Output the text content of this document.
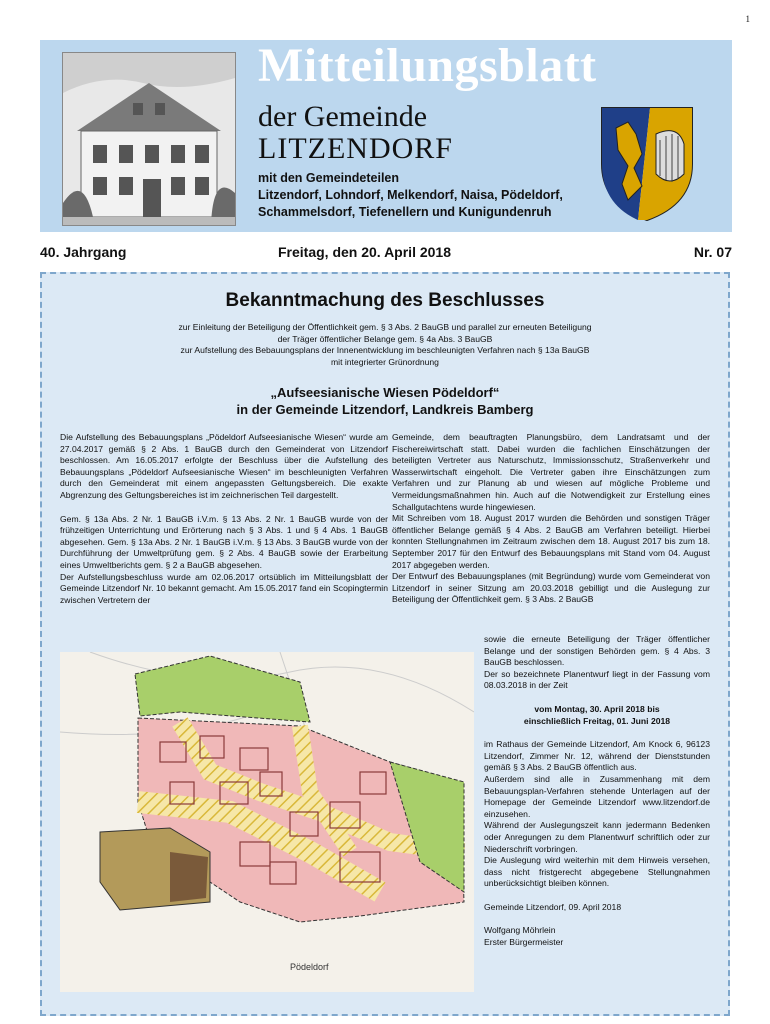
1
Mitteilungsblatt
der Gemeinde
LITZENDORF
mit den Gemeindeteilen
Litzendorf, Lohndorf, Melkendorf, Naisa, Pödeldorf,
Schammelsdorf, Tiefenellern und Kunigundenruh
40. Jahrgang	Freitag, den 20. April 2018	Nr. 07
Bekanntmachung des Beschlusses
zur Einleitung der Beteiligung der Öffentlichkeit gem. § 3 Abs. 2 BauGB und parallel zur erneuten Beteiligung
der Träger öffentlicher Belange gem. § 4a Abs. 3 BauGB
zur Aufstellung des Bebauungsplans der Innenentwicklung im beschleunigten Verfahren nach § 13a BauGB
mit integrierter Grünordnung
„Aufseesianische Wiesen Pödeldorf“
in der Gemeinde Litzendorf, Landkreis Bamberg

Die Aufstellung des Bebauungsplans „Pödeldorf Aufseesianische Wiesen“ wurde am 27.04.2017 gemäß § 2 Abs. 1 BauGB durch den Gemeinderat von Litzendorf beschlossen. Am 16.05.2017 erfolgte der Beschluss über die Aufstellung des Bebauungsplans „Pödeldorf Aufseesianische Wiesen“ im beschleunigten Verfahren durch den Gemeinderat mit einem angepassten Geltungsbereich. Die exakte Abgrenzung des Geltungsbereiches ist im zeichnerischen Teil dargestellt.

Gem. § 13a Abs. 2 Nr. 1 BauGB i.V.m. § 13 Abs. 2 Nr. 1 BauGB wurde von der frühzeitigen Unterrichtung und Erörterung nach § 3 Abs. 1 und § 4 Abs. 1 BauGB abgesehen. Gem. § 13a Abs. 2 Nr. 1 BauGB i.V.m. § 13 Abs. 3 BauGB wurde von der Durchführung der Umweltprüfung gem. § 2 Abs. 4 BauGB sowie der Erarbeitung eines Umweltberichts gem. § 2 a BauGB abgesehen.

Der Aufstellungsbeschluss wurde am 02.06.2017 ortsüblich im Mitteilungsblatt der Gemeinde Litzendorf Nr. 10 bekannt gemacht. Am 15.05.2017 fand ein Scopingtermin zwischen Vertretern der

Gemeinde, dem beauftragten Planungsbüro, dem Landratsamt und der Fischereiwirtschaft statt. Dabei wurden die fachlichen Einschätzungen der beteiligten Vertreter aus Naturschutz, Immissionsschutz, Straßenverkehr und Wasserwirtschaft eingeholt. Die Vertreter gaben ihre Einschätzungen zum Verfahren und zur Planung ab und wiesen auf mögliche Probleme und Vermeidungsmaßnahmen hin. Auch auf die Notwendigkeit zur Erstellung eines Schallgutachtens wurde hingewiesen.

Mit Schreiben vom 18. August 2017 wurden die Behörden und sonstigen Träger öffentlicher Belange gemäß § 4 Abs. 2 BauGB am Verfahren beteiligt. Hierbei konnten Stellungnahmen im Zeitraum zwischen dem 18. August 2017 bis zum 18. September 2017 für den Entwurf des Bebauungsplans mit Stand vom 04. August 2017 abgegeben werden.

Der Entwurf des Bebauungsplanes (mit Begründung) wurde vom Gemeinderat von Litzendorf in seiner Sitzung am 20.03.2018 gebilligt und die Auslegung zur Beteiligung der Öffentlichkeit gem. § 3 Abs. 2 BauGB

sowie die erneute Beteiligung der Träger öffentlicher Belange und der sonstigen Behörden gem. § 4 Abs. 3 BauGB beschlossen.

Der so bezeichnete Planentwurf liegt in der Fassung vom 08.03.2018 in der Zeit

vom Montag, 30. April 2018 bis

einschließlich Freitag, 01. Juni 2018

im Rathaus der Gemeinde Litzendorf, Am Knock 6, 96123 Litzendorf, Zimmer Nr. 12, während der Dienststunden gemäß § 3 Abs. 2 BauGB öffentlich aus.

Außerdem sind alle in Zusammenhang mit dem Bebauungsplan-Verfahren stehende Unterlagen auf der Homepage der Gemeinde Litzendorf www.litzendorf.de einzusehen.

Während der Auslegungszeit kann jedermann Bedenken oder Anregungen zu dem Planentwurf schriftlich oder zur Niederschrift vorbringen.

Die Auslegung wird weiterhin mit dem Hinweis versehen, dass nicht fristgerecht abgegebene Stellungnahmen unberücksichtigt bleiben können.

Gemeinde Litzendorf, 09. April 2018

Wolfgang Möhrlein

Erster Bürgermeister

Pödeldorf
